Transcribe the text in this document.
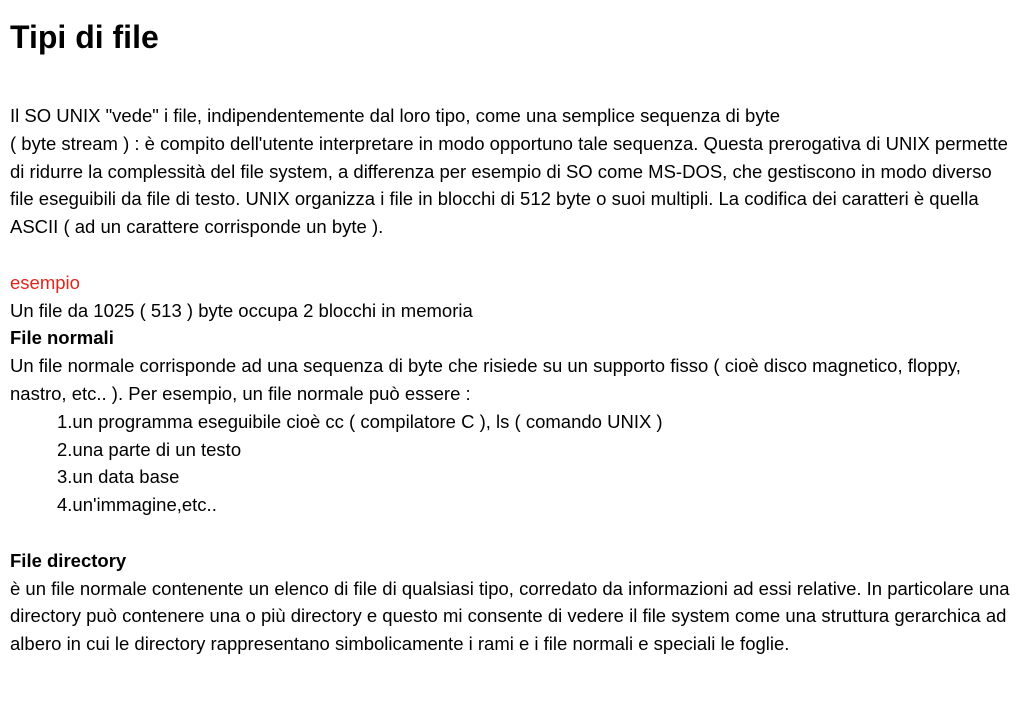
Tipi di file

Il SO UNIX "vede" i file, indipendentemente dal loro tipo, come una semplice sequenza di byte
( byte stream ) : è compito dell'utente interpretare in modo opportuno tale sequenza. Questa prerogativa di UNIX permette di ridurre la complessità del file system, a differenza per esempio di SO come MS-DOS, che gestiscono in modo diverso file eseguibili da file di testo. UNIX organizza i file in blocchi di 512 byte o suoi multipli. La codifica dei caratteri è quella ASCII ( ad un carattere corrisponde un byte ).

esempio

Un file da 1025 ( 513 ) byte occupa 2 blocchi in memoria

File normali

Un file normale corrisponde ad una sequenza di byte che risiede su un supporto fisso ( cioè disco magnetico, floppy, nastro, etc.. ). Per esempio, un file normale può essere :

1.un programma eseguibile cioè cc ( compilatore C ), ls ( comando UNIX )

2.una parte di un testo

3.un data base

4.un'immagine,etc..

File directory

è un file normale contenente un elenco di file di qualsiasi tipo, corredato da informazioni ad essi relative. In particolare una directory può contenere una o più directory e questo mi consente di vedere il file system come una struttura gerarchica ad albero in cui le directory rappresentano simbolicamente i rami e i file normali e speciali le foglie.
